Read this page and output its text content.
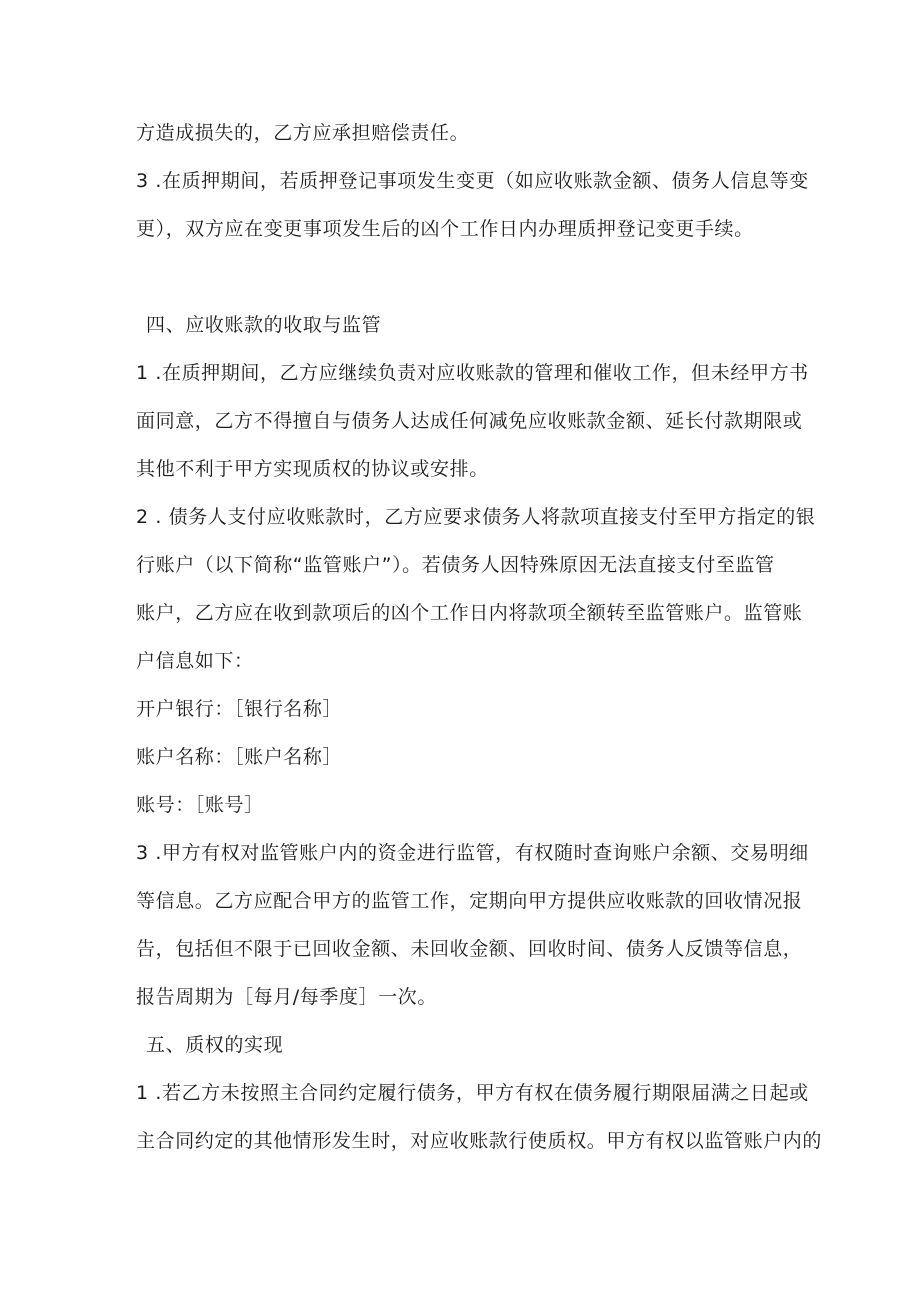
方造成损失的，乙方应承担赔偿责任。
3 .在质押期间，若质押登记事项发生变更（如应收账款金额、债务人信息等变
更），双方应在变更事项发生后的凶个工作日内办理质押登记变更手续。
四、应收账款的收取与监管
1 .在质押期间，乙方应继续负责对应收账款的管理和催收工作，但未经甲方书
面同意，乙方不得擅自与债务人达成任何减免应收账款金额、延长付款期限或
其他不利于甲方实现质权的协议或安排。
2 . 债务人支付应收账款时，乙方应要求债务人将款项直接支付至甲方指定的银
行账户（以下简称“监管账户”）。若债务人因特殊原因无法直接支付至监管
账户，乙方应在收到款项后的凶个工作日内将款项全额转至监管账户。监管账
户信息如下：
开户银行：［银行名称］
账户名称：［账户名称］
账号：［账号］
3 .甲方有权对监管账户内的资金进行监管，有权随时查询账户余额、交易明细
等信息。乙方应配合甲方的监管工作，定期向甲方提供应收账款的回收情况报
告，包括但不限于已回收金额、未回收金额、回收时间、债务人反馈等信息，
报告周期为［每月/每季度］一次。
五、质权的实现
1 .若乙方未按照主合同约定履行债务，甲方有权在债务履行期限届满之日起或
主合同约定的其他情形发生时，对应收账款行使质权。甲方有权以监管账户内的
